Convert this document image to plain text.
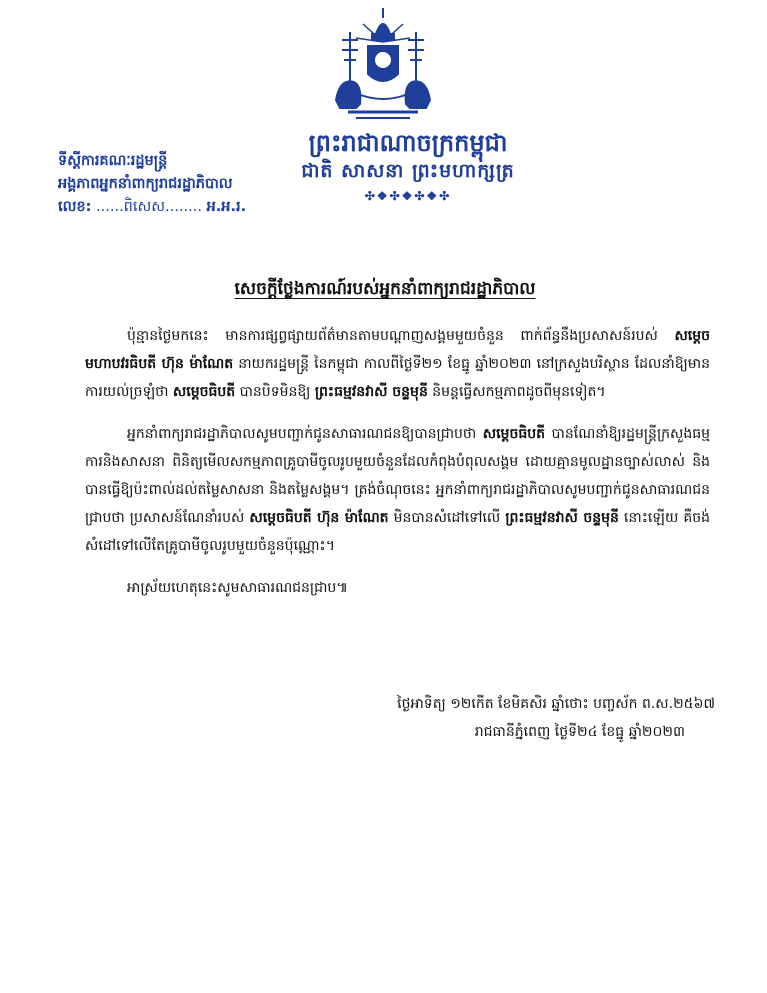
ព្រះរាជាណាចក្រកម្ពុជា
ជាតិ សាសនា ព្រះមហាក្សត្រ
✣❖✣❖✣❖✣
ទីស្តីការគណៈរដ្ឋមន្ត្រី
អង្គភាពអ្នកនាំពាក្យរាជរដ្ឋាភិបាល
លេខ: ......ពិសេស........ អ.អ.រ.
សេចក្ដីថ្លែងការណ៍របស់អ្នកនាំពាក្យរាជរដ្ឋាភិបាល

ប៉ុន្មានថ្ងៃមកនេះ មានការផ្សព្វផ្សាយព័ត៌មានតាមបណ្ដាញសង្គមមួយចំនួន ពាក់ព័ន្ធនឹងប្រសាសន៍របស់ សម្ដេចមហាបវរធិបតី ហ៊ុន ម៉ាណែត នាយករដ្ឋមន្ត្រី នៃកម្ពុជា កាលពីថ្ងៃទី២១ ខែធ្នូ ឆ្នាំ២០២៣ នៅក្រសួងបរិស្ថាន ដែលនាំឱ្យមានការយល់ច្រឡំថា សម្ដេចធិបតី បានបិទមិនឱ្យ ព្រះធម្មវនវាសី ចន្ទមុនី និមន្តធ្វើសកម្មភាពដូចពីមុនទៀត។

អ្នកនាំពាក្យរាជរដ្ឋាភិបាលសូមបញ្ជាក់ជូនសាធារណជនឱ្យបានជ្រាបថា សម្ដេចធិបតី បានណែនាំឱ្យរដ្ឋមន្ត្រីក្រសួងធម្មការនិងសាសនា ពិនិត្យមើលសកម្មភាពគ្រូបាមីចូលរូបមួយចំនួនដែលកំពុងបំពុលសង្គម ដោយគ្មានមូលដ្ឋានច្បាស់លាស់ និងបានធ្វើឱ្យប៉ះពាល់ដល់តម្លៃសាសនា និងតម្លៃសង្គម។ ត្រង់ចំណុចនេះ អ្នកនាំពាក្យរាជរដ្ឋាភិបាលសូមបញ្ជាក់ជូនសាធារណជនជ្រាបថា ប្រសាសន៍ណែនាំរបស់ សម្ដេចធិបតី ហ៊ុន ម៉ាណែត មិនបានសំដៅទៅលើ ព្រះធម្មវនវាសី ចន្ទមុនី នោះឡើយ គឺចង់សំដៅទៅលើតែគ្រូបាមីចូលរូបមួយចំនួនប៉ុណ្ណោះ។

អាស្រ័យហេតុនេះសូមសាធារណជនជ្រាប៕

ថ្ងៃអាទិត្យ ១២កើត ខែមិគសិរ ឆ្នាំថោះ បញ្ចស័ក ព.ស.២៥៦៧
រាជធានីភ្នំពេញ ថ្ងៃទី២៤ ខែធ្នូ ឆ្នាំ២០២៣
